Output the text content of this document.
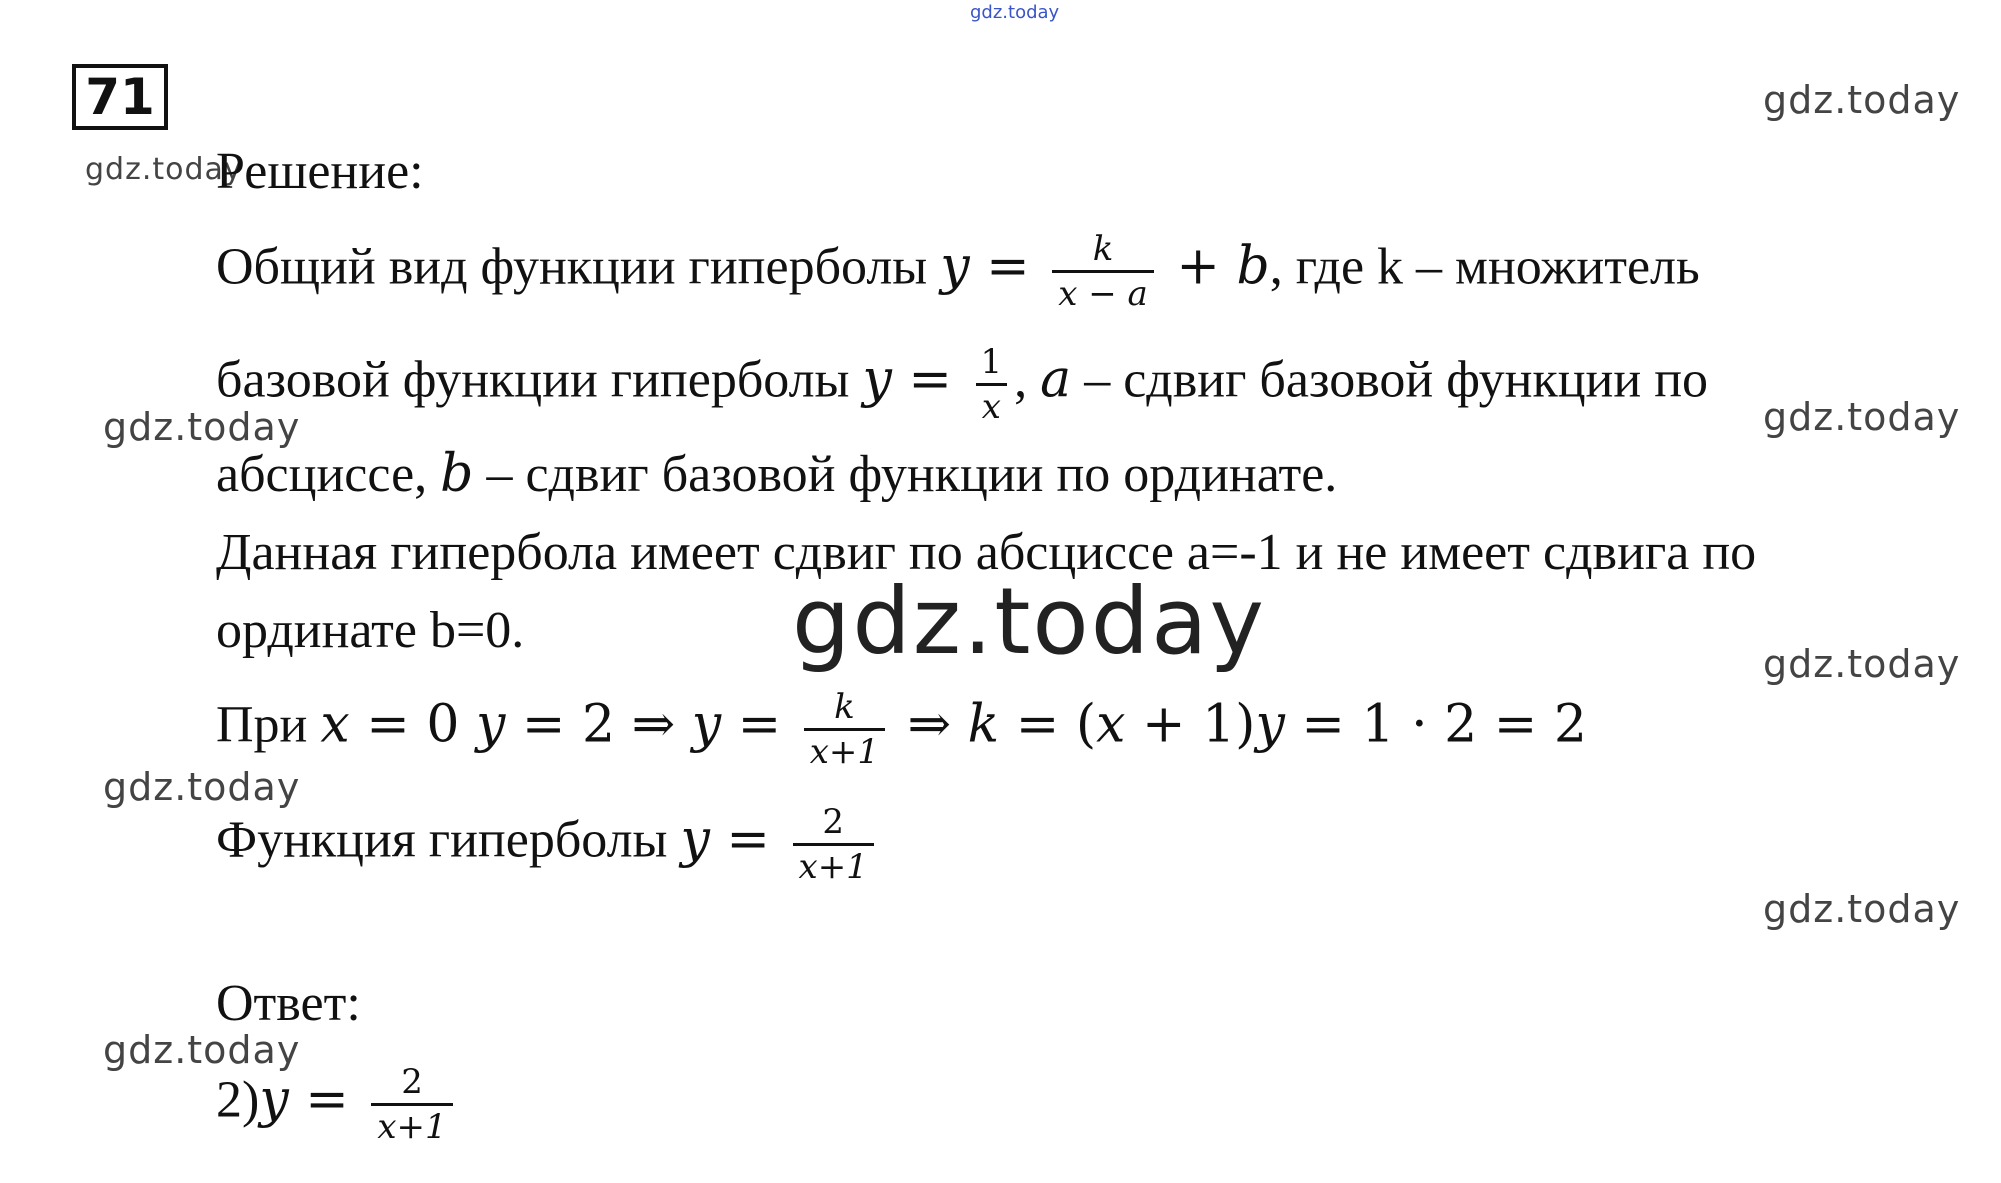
gdz.today
gdz.today
gdz.today
gdz.today	gdz.today
gdz.today
gdz.today
gdz.today
gdz.today
gdz.today
71
Решение:
Общий вид функции гиперболы $y = \frac{k}{x - a} + b$, где k – множитель
базовой функции гиперболы $y = \frac{1}{x}$ , a – сдвиг базовой функции по
абсциссе, b – сдвиг базовой функции по ординате.
Данная гипербола имеет сдвиг по абсциссе a=-1 и не имеет сдвига по
ординате b=0.
При x = 0 y = 2 ⇒ $y = \frac{k}{x+1}$ ⇒ k = (x + 1)y = 1 · 2 = 2
Функция гиперболы $y = \frac{2}{x+1}$
Ответ:
$2)y = \frac{2}{x+1}$
